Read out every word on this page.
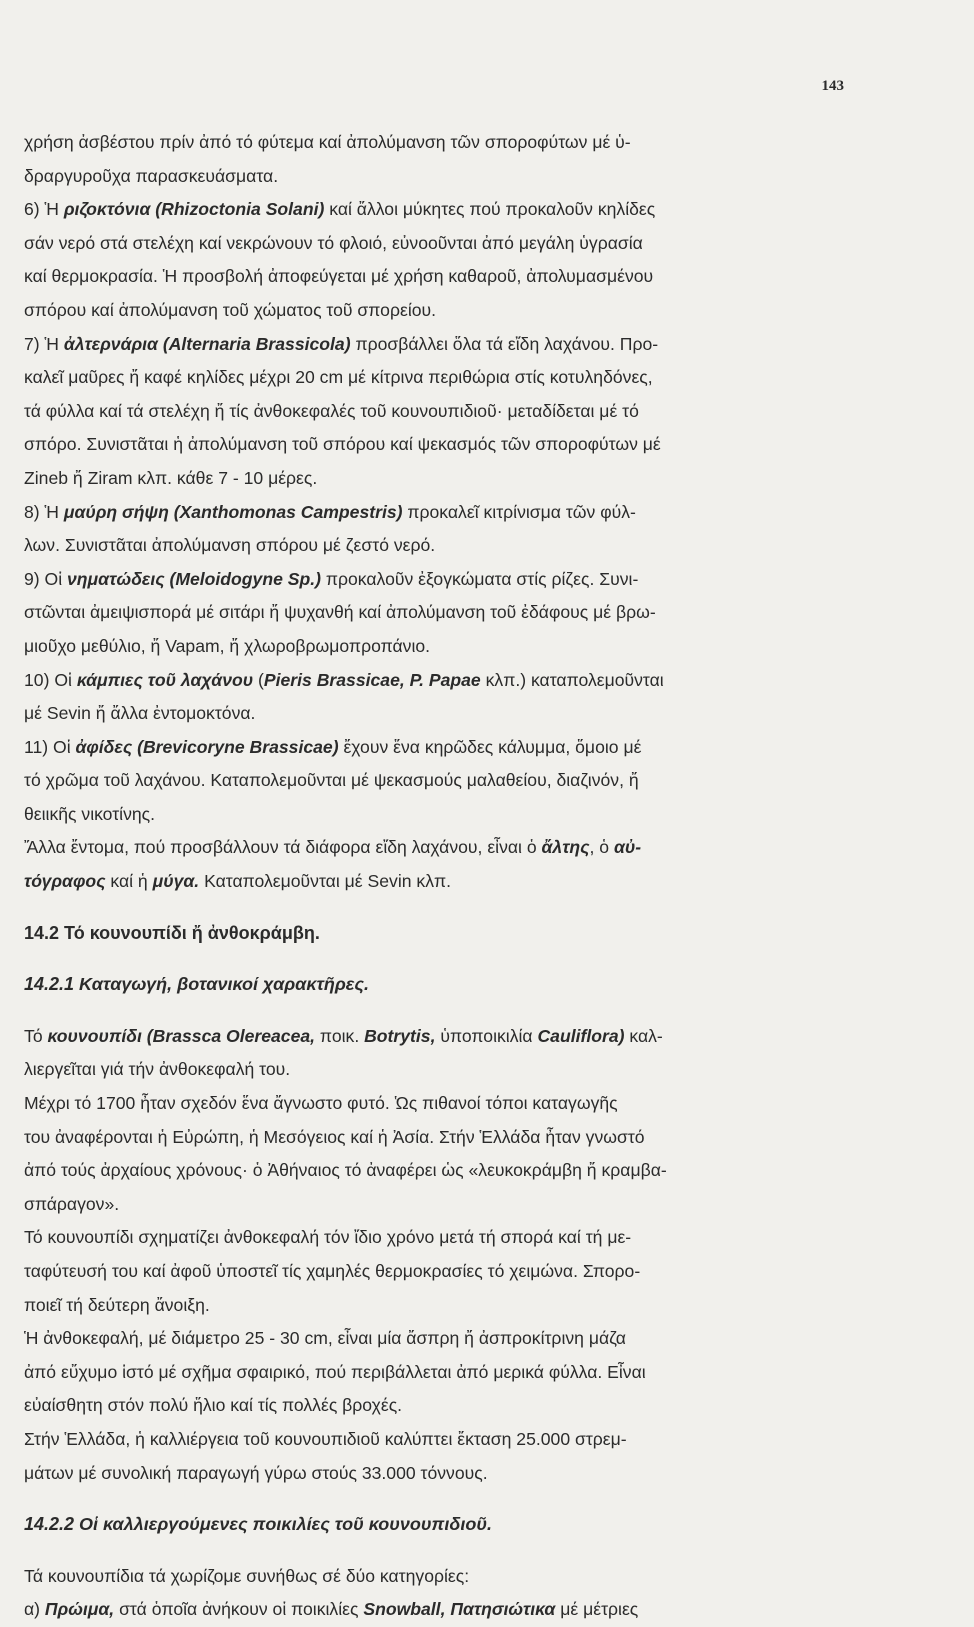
143
χρήση ἀσβέστου πρίν ἀπό τό φύτεμα καί ἀπολύμανση τῶν σποροφύτων μέ ὑ-
δραργυροῦχα παρασκευάσματα.
6) Ἡ ριζοκτόνια (Rhizoctonia Solani) καί ἄλλοι μύκητες πού προκαλοῦν κηλίδες
σάν νερό στά στελέχη καί νεκρώνουν τό φλοιό, εὐνοοῦνται ἀπό μεγάλη ὑγρασία
καί θερμοκρασία. Ἡ προσβολή ἀποφεύγεται μέ χρήση καθαροῦ, ἀπολυμασμένου
σπόρου καί ἀπολύμανση τοῦ χώματος τοῦ σπορείου.
7) Ἡ ἀλτερνάρια (Alternaria Brassicola) προσβάλλει ὅλα τά εἴδη λαχάνου. Προ-
καλεῖ μαῦρες ἤ καφέ κηλίδες μέχρι 20 cm μέ κίτρινα περιθώρια στίς κοτυληδόνες,
τά φύλλα καί τά στελέχη ἤ τίς ἀνθοκεφαλές τοῦ κουνουπιδιοῦ· μεταδίδεται μέ τό
σπόρο. Συνιστᾶται ἡ ἀπολύμανση τοῦ σπόρου καί ψεκασμός τῶν σποροφύτων μέ
Zineb ἤ Ziram κλπ. κάθε 7 - 10 μέρες.
8) Ἡ μαύρη σήψη (Xanthomonas Campestris) προκαλεῖ κιτρίνισμα τῶν φύλ-
λων. Συνιστᾶται ἀπολύμανση σπόρου μέ ζεστό νερό.
9) Οἱ νηματώδεις (Meloidogyne Sp.) προκαλοῦν ἐξογκώματα στίς ρίζες. Συνι-
στῶνται ἀμειψισπορά μέ σιτάρι ἤ ψυχανθή καί ἀπολύμανση τοῦ ἐδάφους μέ βρω-
μιοῦχο μεθύλιο, ἤ Vapam, ἤ χλωροβρωμοπροπάνιο.
10) Οἱ κάμπιες τοῦ λαχάνου (Pieris Brassicae, P. Papae κλπ.) καταπολεμοῦνται
μέ Sevin ἤ ἄλλα ἐντομοκτόνα.
11) Οἱ ἀφίδες (Brevicoryne Brassicae) ἔχουν ἕνα κηρῶδες κάλυμμα, ὅμοιο μέ
τό χρῶμα τοῦ λαχάνου. Καταπολεμοῦνται μέ ψεκασμούς μαλαθείου, διαζινόν, ἤ
θειικῆς νικοτίνης.
Ἄλλα ἔντομα, πού προσβάλλουν τά διάφορα εἴδη λαχάνου, εἶναι ὁ ἄλτης, ὁ αὐ-
τόγραφος καί ἡ μύγα. Καταπολεμοῦνται μέ Sevin κλπ.
14.2 Τό κουνουπίδι ἤ ἀνθοκράμβη.
14.2.1 Καταγωγή, βοτανικοί χαρακτῆρες.
Τό κουνουπίδι (Brassca Olereacea, ποικ. Botrytis, ὑποποικιλία Cauliflora) καλ-
λιεργεῖται γιά τήν ἀνθοκεφαλή του.
Μέχρι τό 1700 ἦταν σχεδόν ἕνα ἄγνωστο φυτό. Ὡς πιθανοί τόποι καταγωγῆς
του ἀναφέρονται ἡ Εὐρώπη, ἡ Μεσόγειος καί ἡ Ἀσία. Στήν Ἑλλάδα ἦταν γνωστό
ἀπό τούς ἀρχαίους χρόνους· ὁ Ἀθήναιος τό ἀναφέρει ὡς «λευκοκράμβη ἤ κραμβα-
σπάραγον».
Τό κουνουπίδι σχηματίζει ἀνθοκεφαλή τόν ἴδιο χρόνο μετά τή σπορά καί τή με-
ταφύτευσή του καί ἀφοῦ ὑποστεῖ τίς χαμηλές θερμοκρασίες τό χειμώνα. Σπορο-
ποιεῖ τή δεύτερη ἄνοιξη.
Ἡ ἀνθοκεφαλή, μέ διάμετρο 25 - 30 cm, εἶναι μία ἄσπρη ἤ ἀσπροκίτρινη μάζα
ἀπό εὔχυμο ἱστό μέ σχῆμα σφαιρικό, πού περιβάλλεται ἀπό μερικά φύλλα. Εἶναι
εὐαίσθητη στόν πολύ ἥλιο καί τίς πολλές βροχές.
Στήν Ἑλλάδα, ἡ καλλιέργεια τοῦ κουνουπιδιοῦ καλύπτει ἔκταση 25.000 στρεμ-
μάτων μέ συνολική παραγωγή γύρω στούς 33.000 τόννους.
14.2.2 Οἱ καλλιεργούμενες ποικιλίες τοῦ κουνουπιδιοῦ.
Τά κουνουπίδια τά χωρίζομε συνήθως σέ δύο κατηγορίες:
α) Πρώιμα, στά ὁποῖα ἀνήκουν οἱ ποικιλίες Snowball, Πατησιώτικα μέ μέτριες
